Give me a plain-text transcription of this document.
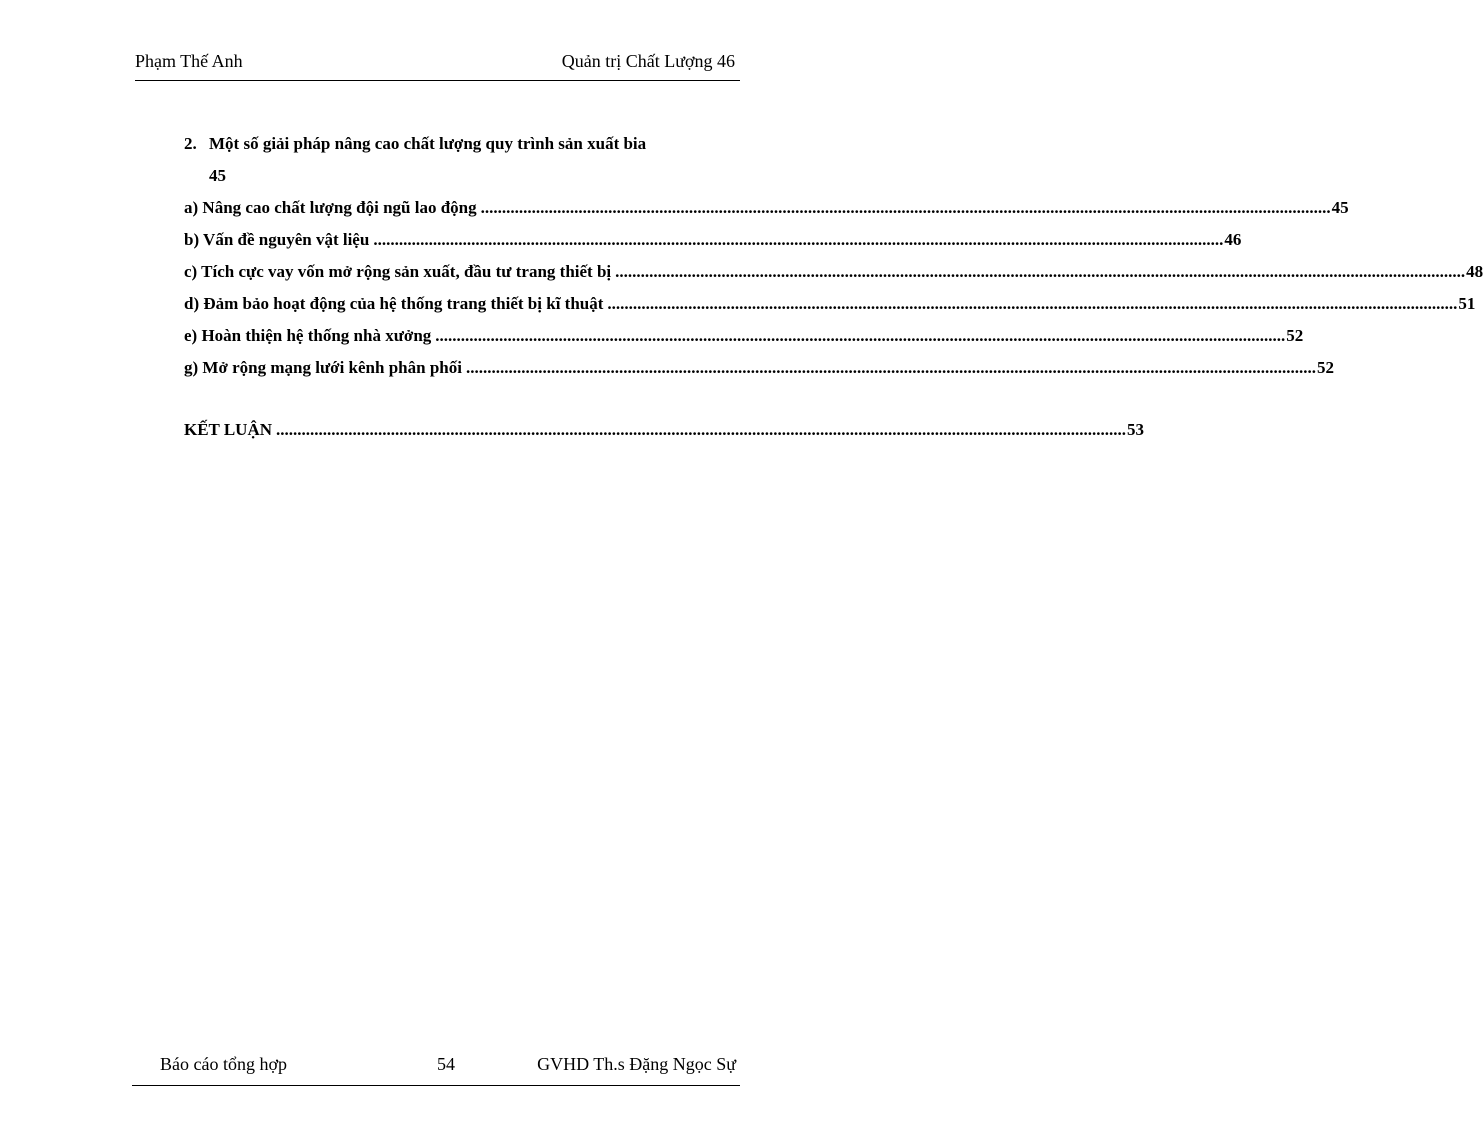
Phạm Thế Anh	Quản trị Chất Lượng 46
2. Một số giải pháp nâng cao chất lượng quy trình sản xuất bia
45
a) Nâng cao chất lượng đội ngũ lao động ........................................................................................................................................................................................................ 45
b) Vấn đề nguyên vật liệu ........................................................................................................................................................................................................ 46
c) Tích cực vay vốn mở rộng sản xuất, đầu tư trang thiết bị ........................................................................................................................................................................................................ 48
d) Đảm bảo hoạt động của hệ thống trang thiết bị kĩ thuật ........................................................................................................................................................................................................ 51
e) Hoàn thiện hệ thống nhà xưởng ........................................................................................................................................................................................................ 52
g) Mở rộng mạng lưới kênh phân phối ........................................................................................................................................................................................................ 52
KẾT LUẬN ........................................................................................................................................................................................................ 53
Báo cáo tổng hợp	54	GVHD Th.s Đặng Ngọc Sự
